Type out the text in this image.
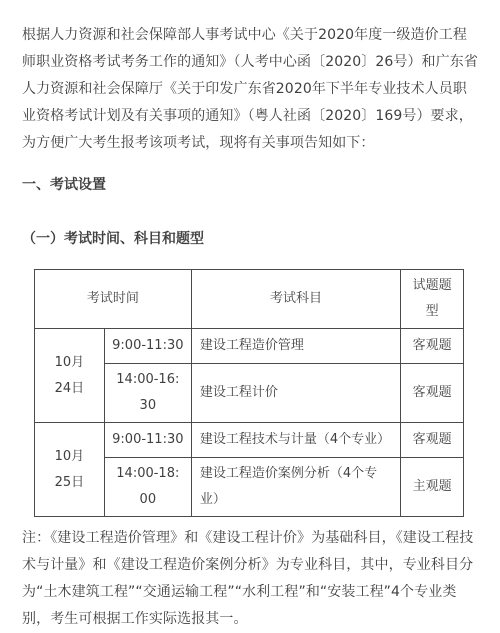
根据人力资源和社会保障部人事考试中心《关于2020年度一级造价工程师职业资格考试考务工作的通知》（人考中心函〔2020〕26号）和广东省人力资源和社会保障厅《关于印发广东省2020年下半年专业技术人员职业资格考试计划及有关事项的通知》（粤人社函〔2020〕169号）要求，为方便广大考生报考该项考试，现将有关事项告知如下：

一、考试设置

（一）考试时间、科目和题型

考试时间		考试科目	试题题型
10月24日	9:00-11:30	建设工程造价管理	客观题
	14:00-16:30	建设工程计价	客观题
10月25日	9:00-11:30	建设工程技术与计量（4个专业）	客观题
	14:00-18:00	建设工程造价案例分析（4个专业）	主观题

注：《建设工程造价管理》和《建设工程计价》为基础科目，《建设工程技术与计量》和《建设工程造价案例分析》为专业科目，其中，专业科目分为“土木建筑工程”“交通运输工程”“水利工程”和“安装工程”4个专业类别，考生可根据工作实际选报其一。
